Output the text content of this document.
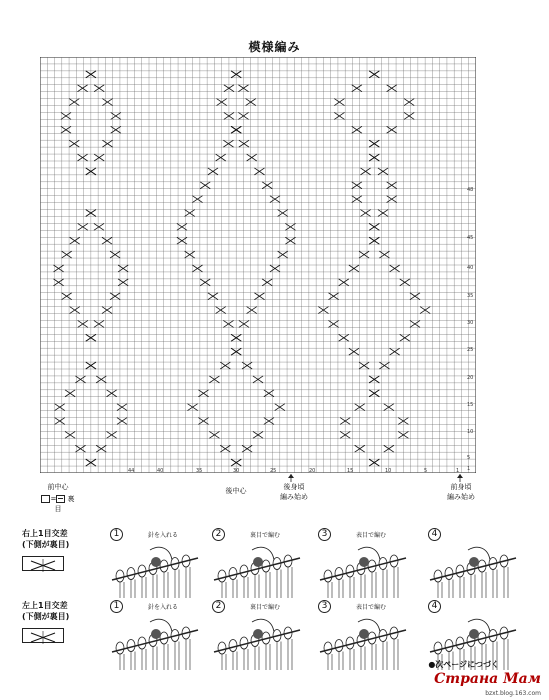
模様編み
48
45
40
35
30
25
20
15
10
5
1
44	40	35	30	25	20	15	10	5	1
前中心
= 裏目
後中心	後身頃
編み始め
前身頃
編み始め
右上1目交差
(下側が裏目)
1	針を入れる	2	裏目で編む	3	表目で編む	4
左上1目交差
(下側が裏目)
1	針を入れる	2	裏目で編む	3	表目で編む	4
●次ページにつづく
Страна Мам
bzxt.blog.163.com
